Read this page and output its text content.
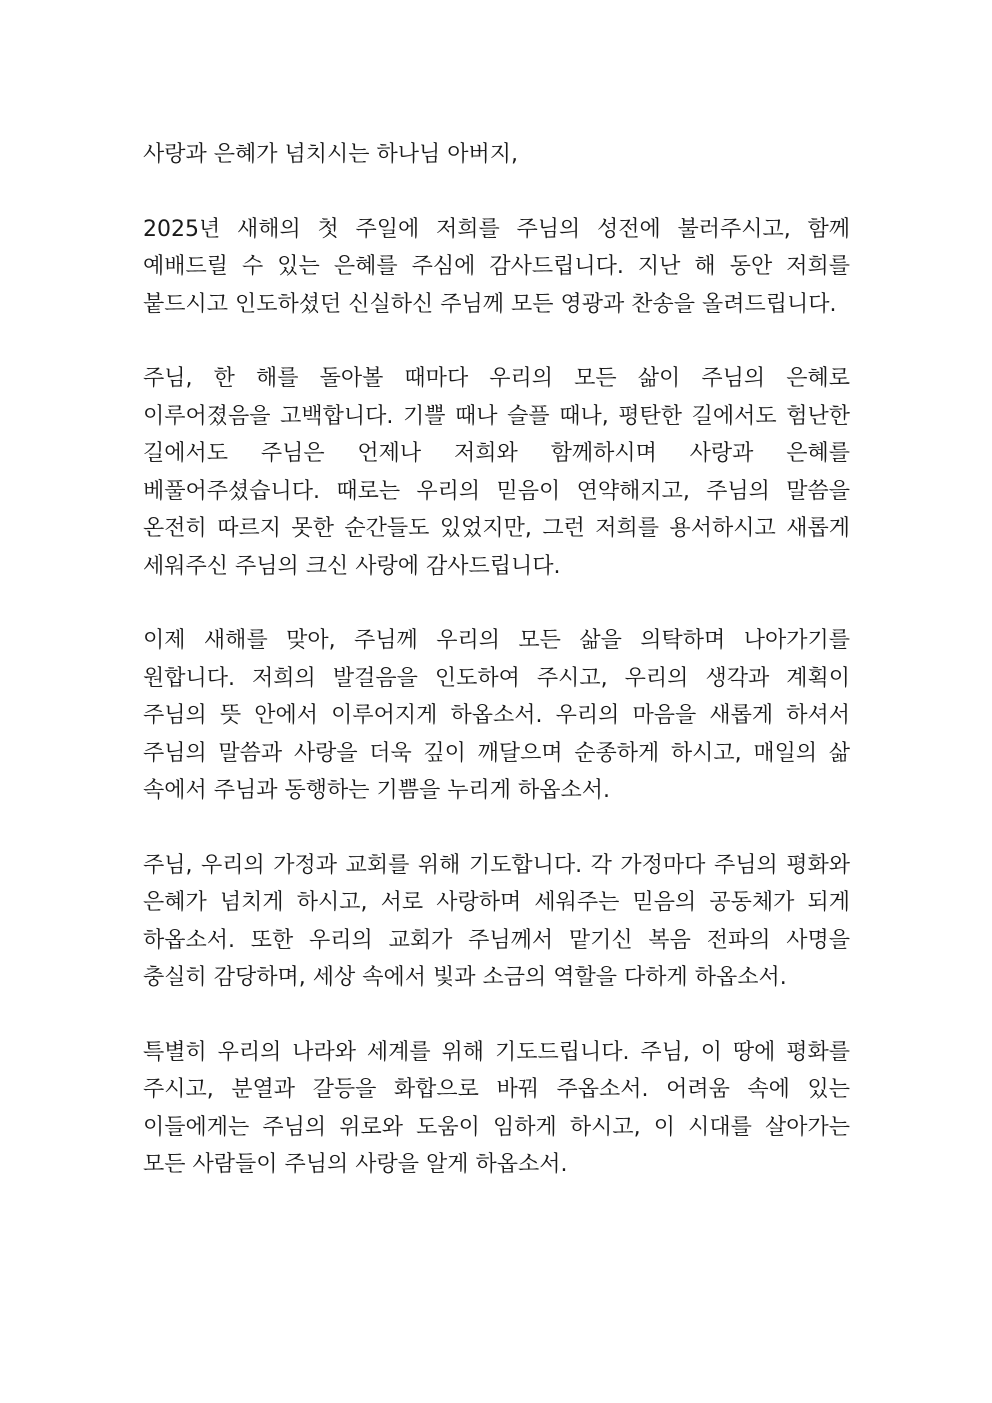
사랑과 은혜가 넘치시는 하나님 아버지,

2025년 새해의 첫 주일에 저희를 주님의 성전에 불러주시고, 함께 예배드릴 수 있는 은혜를 주심에 감사드립니다. 지난 해 동안 저희를 붙드시고 인도하셨던 신실하신 주님께 모든 영광과 찬송을 올려드립니다.

주님, 한 해를 돌아볼 때마다 우리의 모든 삶이 주님의 은혜로 이루어졌음을 고백합니다. 기쁠 때나 슬플 때나, 평탄한 길에서도 험난한 길에서도 주님은 언제나 저희와 함께하시며 사랑과 은혜를 베풀어주셨습니다. 때로는 우리의 믿음이 연약해지고, 주님의 말씀을 온전히 따르지 못한 순간들도 있었지만, 그런 저희를 용서하시고 새롭게 세워주신 주님의 크신 사랑에 감사드립니다.

이제 새해를 맞아, 주님께 우리의 모든 삶을 의탁하며 나아가기를 원합니다. 저희의 발걸음을 인도하여 주시고, 우리의 생각과 계획이 주님의 뜻 안에서 이루어지게 하옵소서. 우리의 마음을 새롭게 하셔서 주님의 말씀과 사랑을 더욱 깊이 깨달으며 순종하게 하시고, 매일의 삶 속에서 주님과 동행하는 기쁨을 누리게 하옵소서.

주님, 우리의 가정과 교회를 위해 기도합니다. 각 가정마다 주님의 평화와 은혜가 넘치게 하시고, 서로 사랑하며 세워주는 믿음의 공동체가 되게 하옵소서. 또한 우리의 교회가 주님께서 맡기신 복음 전파의 사명을 충실히 감당하며, 세상 속에서 빛과 소금의 역할을 다하게 하옵소서.

특별히 우리의 나라와 세계를 위해 기도드립니다. 주님, 이 땅에 평화를 주시고, 분열과 갈등을 화합으로 바꿔 주옵소서. 어려움 속에 있는 이들에게는 주님의 위로와 도움이 임하게 하시고, 이 시대를 살아가는 모든 사람들이 주님의 사랑을 알게 하옵소서.
